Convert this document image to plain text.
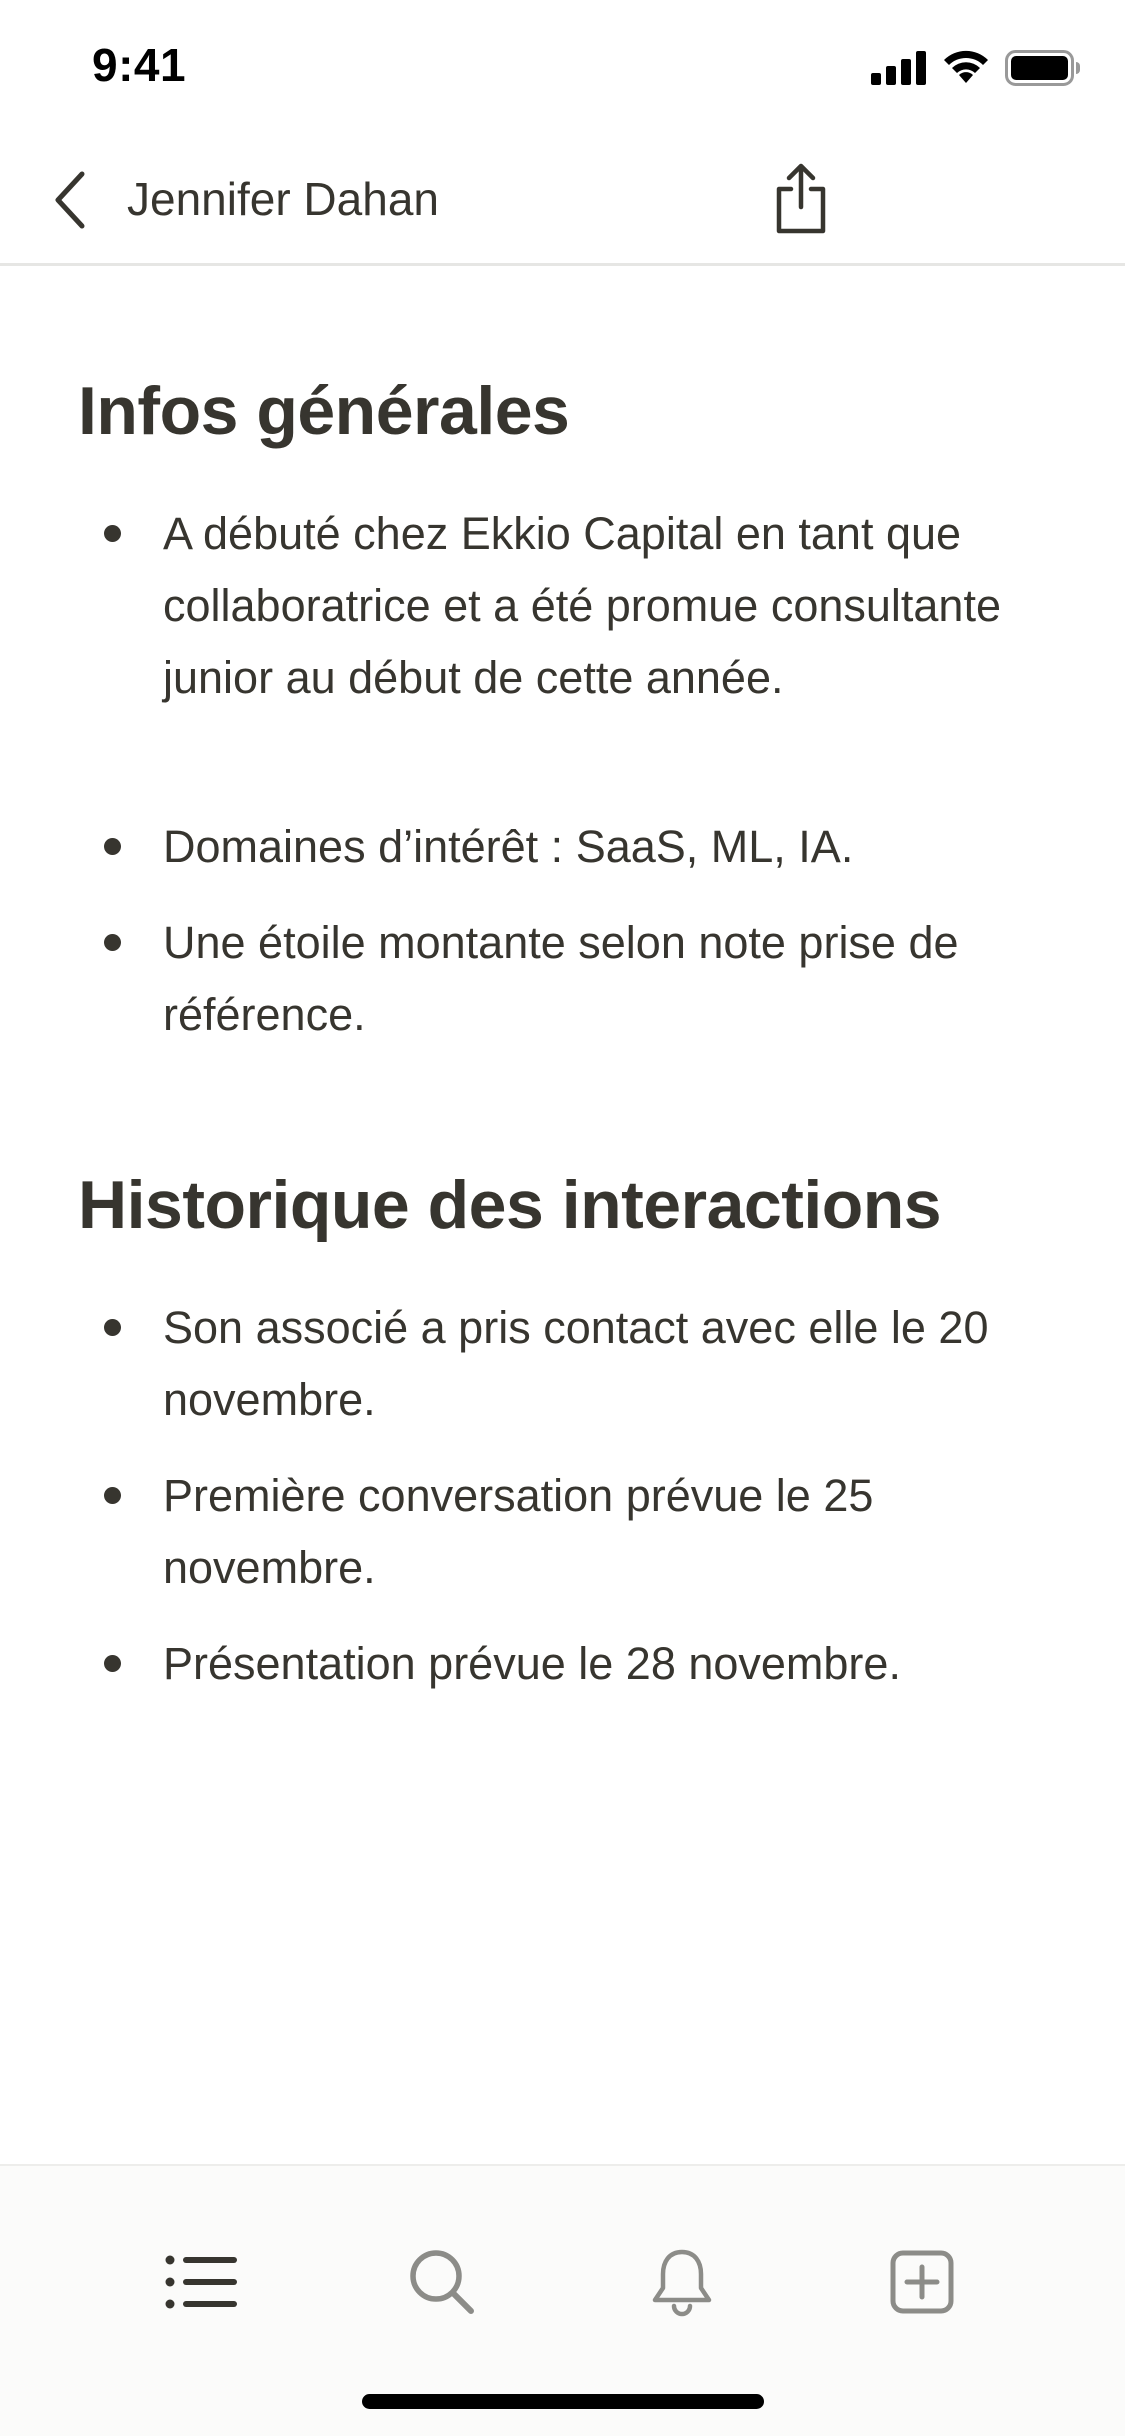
9:41
Jennifer Dahan
Infos générales
A débuté chez Ekkio Capital en tant que collaboratrice et a été promue consultante junior au début de cette année.
Domaines d’intérêt : SaaS, ML, IA.
Une étoile montante selon note prise de référence.
Historique des interactions
Son associé a pris contact avec elle le 20 novembre.
Première conversation prévue le 25 novembre.
Présentation prévue le 28 novembre.
